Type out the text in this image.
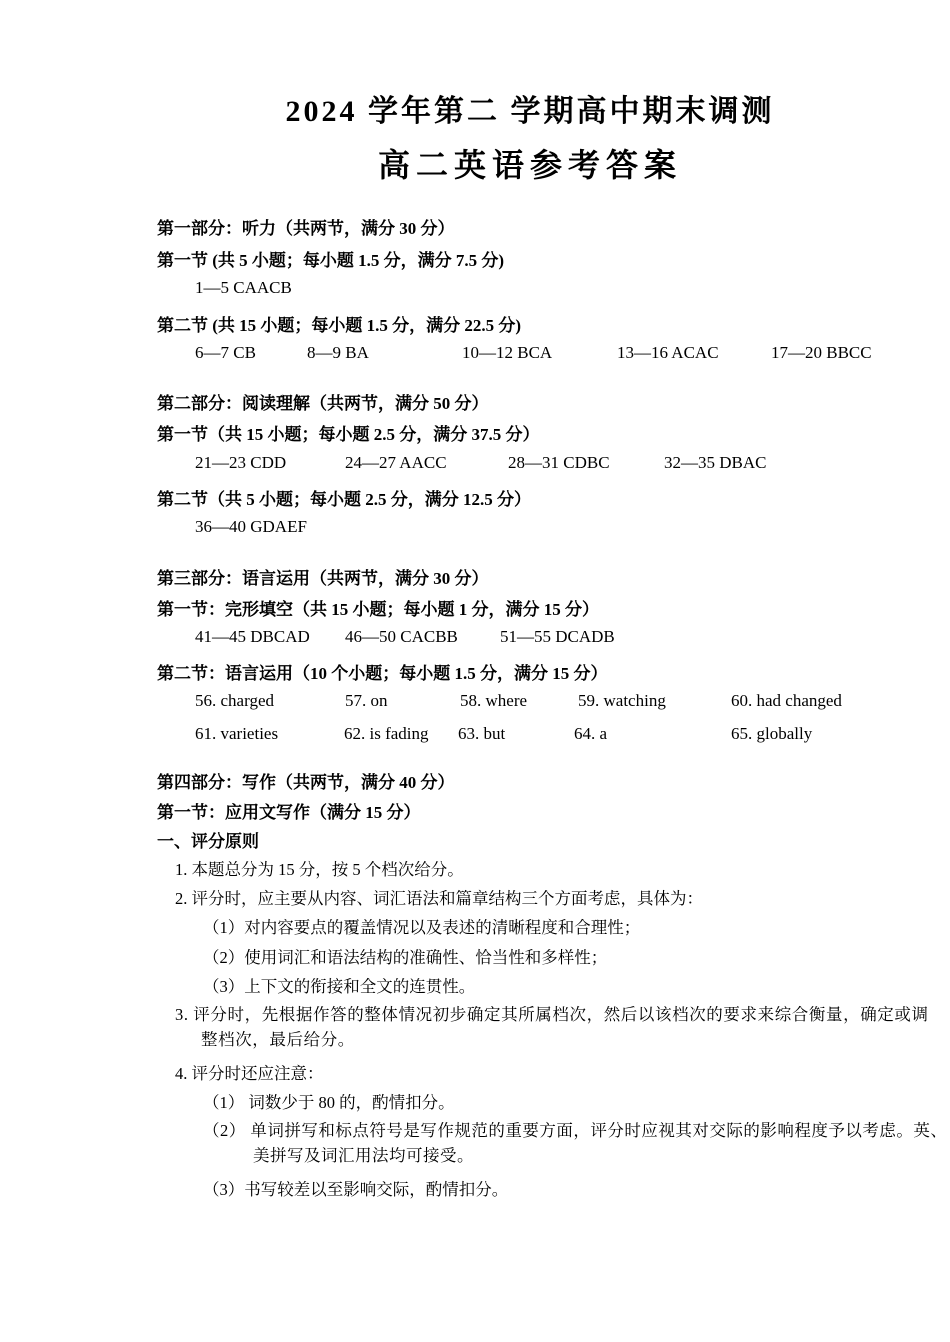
2024 学年第二 学期高中期末调测
高二英语参考答案
第一部分：听力（共两节，满分 30 分）
第一节 (共 5 小题；每小题 1.5 分，满分 7.5 分)
1—5 CAACB
第二节 (共 15 小题；每小题 1.5 分，满分 22.5 分)
6—7 CB	8—9 BA	10—12 BCA	13—16 ACAC	17—20 BBCC
第二部分：阅读理解（共两节，满分 50 分）
第一节（共 15 小题；每小题 2.5 分，满分 37.5 分）
21—23 CDD	24—27 AACC	28—31 CDBC	32—35 DBAC
第二节（共 5 小题；每小题 2.5 分，满分 12.5 分）
36—40 GDAEF
第三部分：语言运用（共两节，满分 30 分）
第一节：完形填空（共 15 小题；每小题 1 分，满分 15 分）
41—45 DBCAD 46—50 CACBB 51—55 DCADB
第二节：语言运用（10 个小题；每小题 1.5 分，满分 15 分）
56. charged	57. on	58. where	59. watching	60. had changed
61. varieties	62. is fading 63. but	64. a	65. globally
第四部分：写作（共两节，满分 40 分）
第一节：应用文写作（满分 15 分）
一、评分原则
1. 本题总分为 15 分，按 5 个档次给分。
2. 评分时，应主要从内容、词汇语法和篇章结构三个方面考虑，具体为：
（1）对内容要点的覆盖情况以及表述的清晰程度和合理性；
（2）使用词汇和语法结构的准确性、恰当性和多样性；
（3）上下文的衔接和全文的连贯性。
3. 评分时，先根据作答的整体情况初步确定其所属档次，然后以该档次的要求来综合衡量，确定或调整档次，最后给分。
4. 评分时还应注意：
（1） 词数少于 80 的，酌情扣分。
（2） 单词拼写和标点符号是写作规范的重要方面，评分时应视其对交际的影响程度予以考虑。英、美拼写及词汇用法均可接受。
（3）书写较差以至影响交际，酌情扣分。
